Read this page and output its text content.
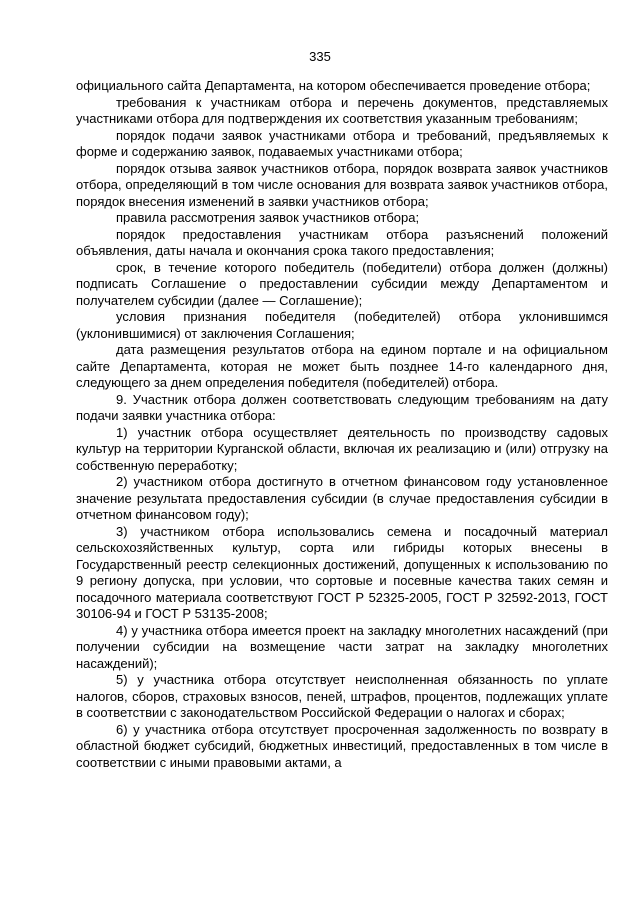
335

официального сайта Департамента, на котором обеспечивается проведение отбора;

требования к участникам отбора и перечень документов, представляемых участниками отбора для подтверждения их соответствия указанным требованиям;

порядок подачи заявок участниками отбора и требований, предъявляемых к форме и содержанию заявок, подаваемых участниками отбора;

порядок отзыва заявок участников отбора, порядок возврата заявок участников отбора, определяющий в том числе основания для возврата заявок участников отбора, порядок внесения изменений в заявки участников отбора;

правила рассмотрения заявок участников отбора;

порядок предоставления участникам отбора разъяснений положений объявления, даты начала и окончания срока такого предоставления;

срок, в течение которого победитель (победители) отбора должен (должны) подписать Соглашение о предоставлении субсидии между Департаментом и получателем субсидии (далее — Соглашение);

условия признания победителя (победителей) отбора уклонившимся (уклонившимися) от заключения Соглашения;

дата размещения результатов отбора на едином портале и на официальном сайте Департамента, которая не может быть позднее 14-го календарного дня, следующего за днем определения победителя (победителей) отбора.

9. Участник отбора должен соответствовать следующим требованиям на дату подачи заявки участника отбора:

1) участник отбора осуществляет деятельность по производству садовых культур на территории Курганской области, включая их реализацию и (или) отгрузку на собственную переработку;

2) участником отбора достигнуто в отчетном финансовом году установленное значение результата предоставления субсидии (в случае предоставления субсидии в отчетном финансовом году);

3) участником отбора использовались семена и посадочный материал сельскохозяйственных культур, сорта или гибриды которых внесены в Государственный реестр селекционных достижений, допущенных к использованию по 9 региону допуска, при условии, что сортовые и посевные качества таких семян и посадочного материала соответствуют ГОСТ Р 52325-2005, ГОСТ Р 32592-2013, ГОСТ 30106-94 и ГОСТ Р 53135-2008;

4) у участника отбора имеется проект на закладку многолетних насаждений (при получении субсидии на возмещение части затрат на закладку многолетних насаждений);

5) у участника отбора отсутствует неисполненная обязанность по уплате налогов, сборов, страховых взносов, пеней, штрафов, процентов, подлежащих уплате в соответствии с законодательством Российской Федерации о налогах и сборах;

6) у участника отбора отсутствует просроченная задолженность по возврату в областной бюджет субсидий, бюджетных инвестиций, предоставленных в том числе в соответствии с иными правовыми актами, а
